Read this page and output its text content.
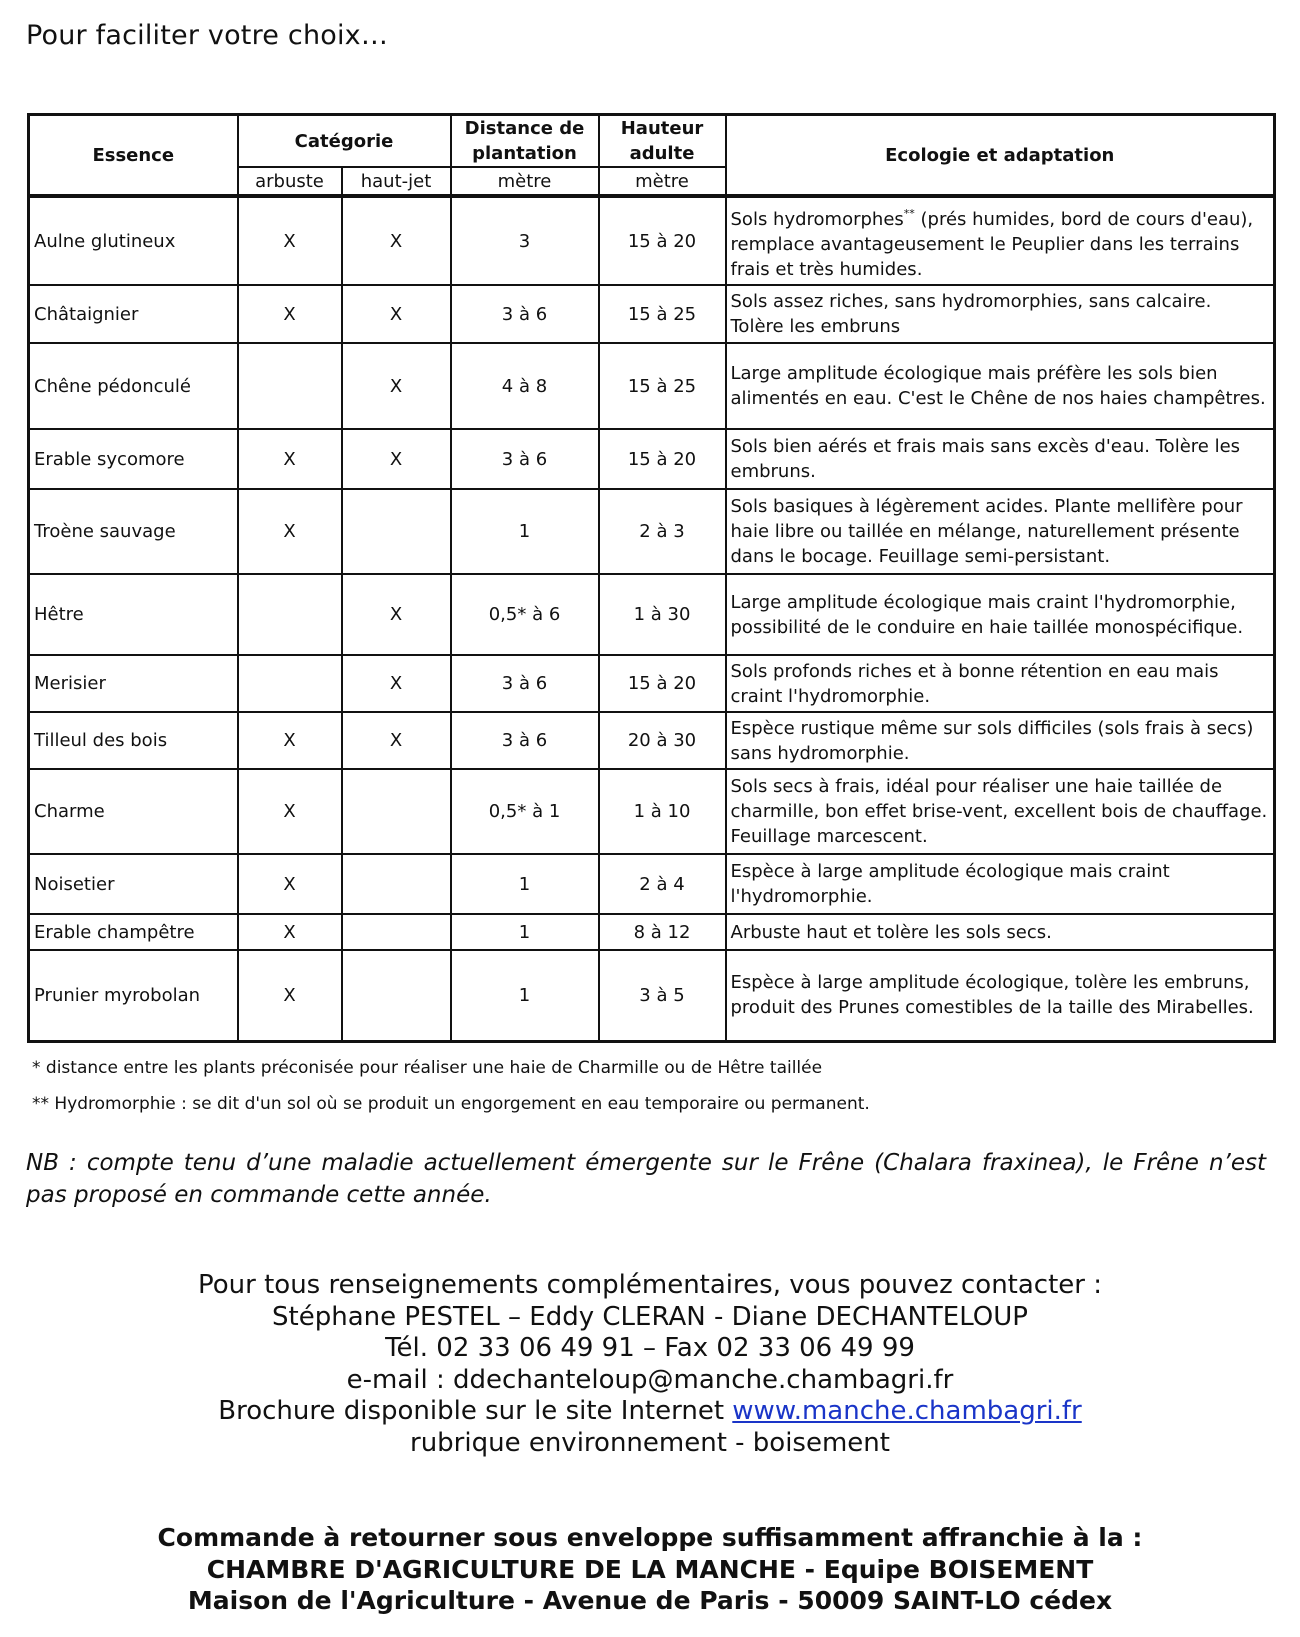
Pour faciliter votre choix…
Essence	Catégorie		Distance de plantation	Hauteur adulte	Ecologie et adaptation
	arbuste	haut-jet	mètre	mètre	
Aulne glutineux	X	X	3	15 à 20	Sols hydromorphes** (prés humides, bord de cours d'eau), remplace avantageusement le Peuplier dans les terrains frais et très humides.
Châtaignier	X	X	3 à 6	15 à 25	Sols assez riches, sans hydromorphies, sans calcaire. Tolère les embruns
Chêne pédonculé		X	4 à 8	15 à 25	Large amplitude écologique mais préfère les sols bien alimentés en eau. C'est le Chêne de nos haies champêtres.
Erable sycomore	X	X	3 à 6	15 à 20	Sols bien aérés et frais mais sans excès d'eau. Tolère les embruns.
Troène sauvage	X		1	2 à 3	Sols basiques à légèrement acides. Plante mellifère pour haie libre ou taillée en mélange, naturellement présente dans le bocage. Feuillage semi-persistant.
Hêtre		X	0,5* à 6	1 à 30	Large amplitude écologique mais craint l'hydromorphie, possibilité de le conduire en haie taillée monospécifique.
Merisier		X	3 à 6	15 à 20	Sols profonds riches et à bonne rétention en eau mais craint l'hydromorphie.
Tilleul des bois	X	X	3 à 6	20 à 30	Espèce rustique même sur sols difficiles (sols frais à secs) sans hydromorphie.
Charme	X		0,5* à 1	1 à 10	Sols secs à frais, idéal pour réaliser une haie taillée de charmille, bon effet brise-vent, excellent bois de chauffage. Feuillage marcescent.
Noisetier	X		1	2 à 4	Espèce à large amplitude écologique mais craint l'hydromorphie.
Erable champêtre	X		1	8 à 12	Arbuste haut et tolère les sols secs.
Prunier myrobolan	X		1	3 à 5	Espèce à large amplitude écologique, tolère les embruns, produit des Prunes comestibles de la taille des Mirabelles.
* distance entre les plants préconisée pour réaliser une haie de Charmille ou de Hêtre taillée
** Hydromorphie : se dit d'un sol où se produit un engorgement en eau temporaire ou permanent.
NB : compte tenu d’une maladie actuellement émergente sur le Frêne (Chalara fraxinea), le Frêne n’est pas proposé en commande cette année.
Pour tous renseignements complémentaires, vous pouvez contacter :
Stéphane PESTEL – Eddy CLERAN - Diane DECHANTELOUP
Tél. 02 33 06 49 91 – Fax 02 33 06 49 99
e-mail : ddechanteloup@manche.chambagri.fr
Brochure disponible sur le site Internet www.manche.chambagri.fr
rubrique environnement - boisement
Commande à retourner sous enveloppe suffisamment affranchie à la :
CHAMBRE D'AGRICULTURE DE LA MANCHE - Equipe BOISEMENT
Maison de l'Agriculture - Avenue de Paris - 50009 SAINT-LO cédex
